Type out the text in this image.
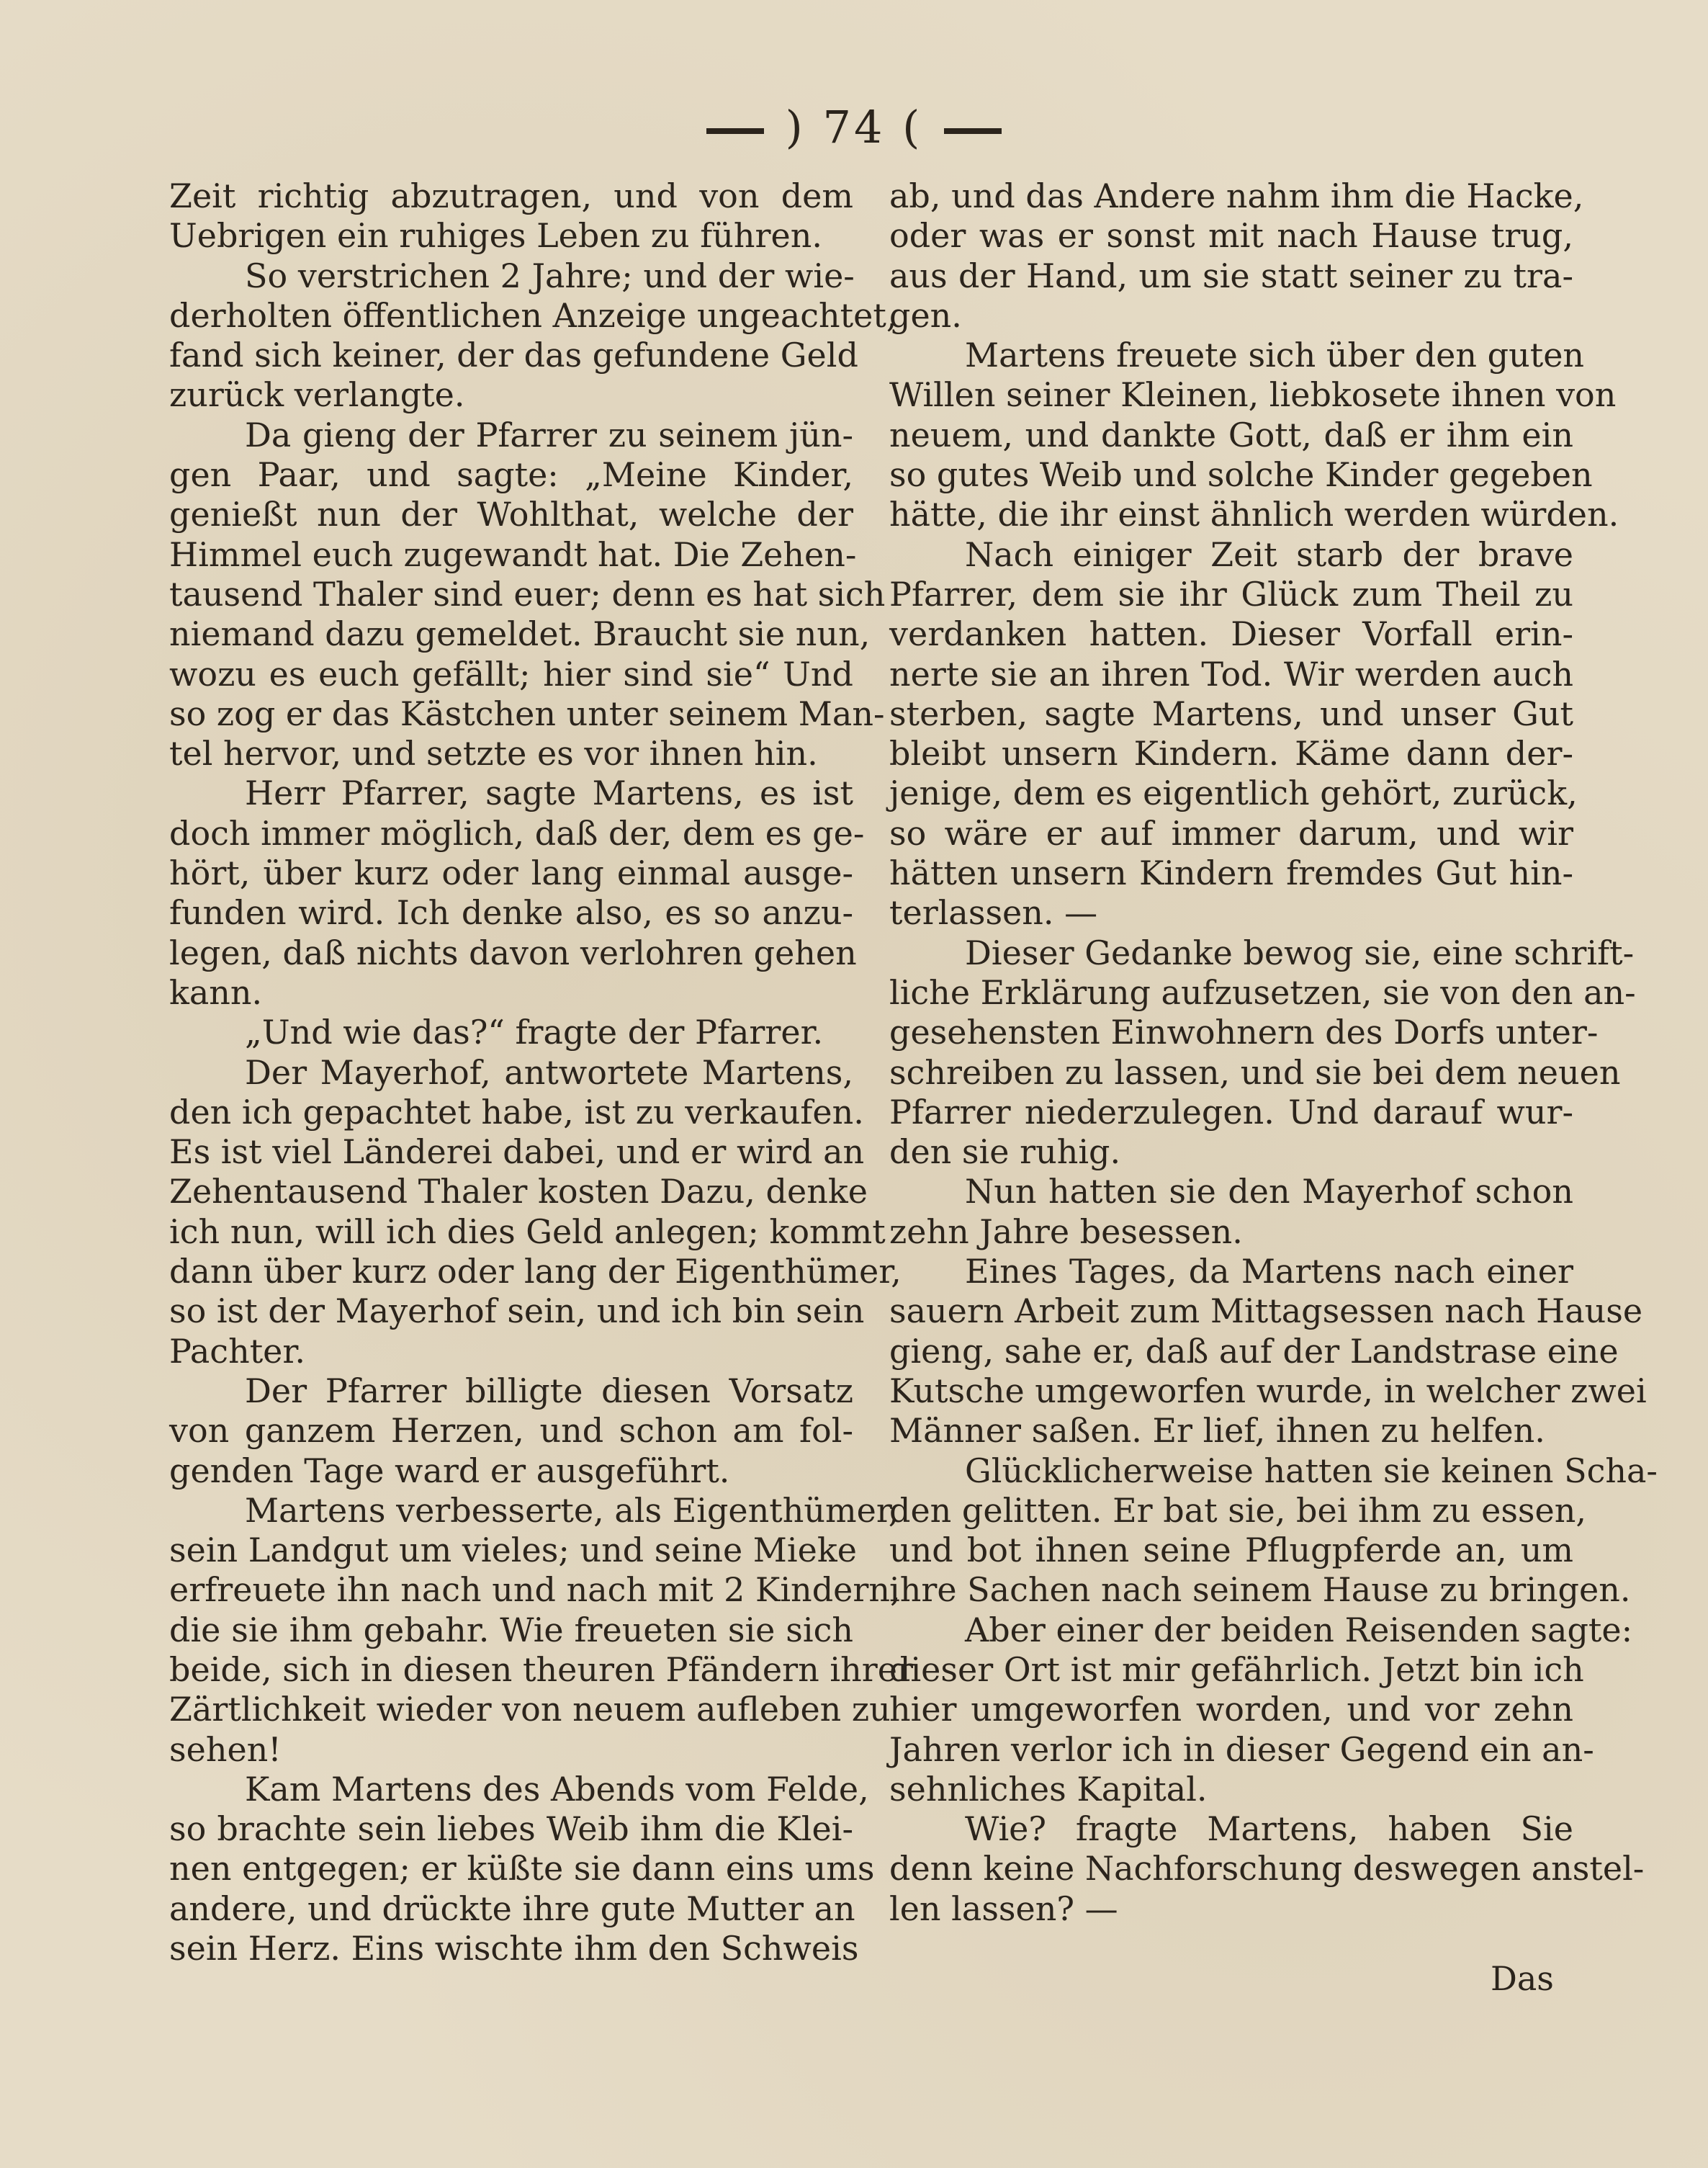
) 74 (
Zeit richtig abzutragen, und von dem
Uebrigen ein ruhiges Leben zu führen.
So verstrichen 2 Jahre; und der wie-
derholten öffentlichen Anzeige ungeachtet,
fand sich keiner, der das gefundene Geld
zurück verlangte.
Da gieng der Pfarrer zu seinem jün-
gen Paar, und sagte: „Meine Kinder,
genießt nun der Wohlthat, welche der
Himmel euch zugewandt hat. Die Zehen-
tausend Thaler sind euer; denn es hat sich
niemand dazu gemeldet. Braucht sie nun,
wozu es euch gefällt; hier sind sie“ Und
so zog er das Kästchen unter seinem Man-
tel hervor, und setzte es vor ihnen hin.
Herr Pfarrer, sagte Martens, es ist
doch immer möglich, daß der, dem es ge-
hört, über kurz oder lang einmal ausge-
funden wird. Ich denke also, es so anzu-
legen, daß nichts davon verlohren gehen
kann.
„Und wie das?“ fragte der Pfarrer.
Der Mayerhof, antwortete Martens,
den ich gepachtet habe, ist zu verkaufen.
Es ist viel Länderei dabei, und er wird an
Zehentausend Thaler kosten Dazu, denke
ich nun, will ich dies Geld anlegen; kommt
dann über kurz oder lang der Eigenthümer,
so ist der Mayerhof sein, und ich bin sein
Pachter.
Der Pfarrer billigte diesen Vorsatz
von ganzem Herzen, und schon am fol-
genden Tage ward er ausgeführt.
Martens verbesserte, als Eigenthümer,
sein Landgut um vieles; und seine Mieke
erfreuete ihn nach und nach mit 2 Kindern,
die sie ihm gebahr. Wie freueten sie sich
beide, sich in diesen theuren Pfändern ihrer
Zärtlichkeit wieder von neuem aufleben zu
sehen!
Kam Martens des Abends vom Felde,
so brachte sein liebes Weib ihm die Klei-
nen entgegen; er küßte sie dann eins ums
andere, und drückte ihre gute Mutter an
sein Herz. Eins wischte ihm den Schweis
ab, und das Andere nahm ihm die Hacke,
oder was er sonst mit nach Hause trug,
aus der Hand, um sie statt seiner zu tra-
gen.
Martens freuete sich über den guten
Willen seiner Kleinen, liebkosete ihnen von
neuem, und dankte Gott, daß er ihm ein
so gutes Weib und solche Kinder gegeben
hätte, die ihr einst ähnlich werden würden.
Nach einiger Zeit starb der brave
Pfarrer, dem sie ihr Glück zum Theil zu
verdanken hatten. Dieser Vorfall erin-
nerte sie an ihren Tod. Wir werden auch
sterben, sagte Martens, und unser Gut
bleibt unsern Kindern. Käme dann der-
jenige, dem es eigentlich gehört, zurück,
so wäre er auf immer darum, und wir
hätten unsern Kindern fremdes Gut hin-
terlassen. —
Dieser Gedanke bewog sie, eine schrift-
liche Erklärung aufzusetzen, sie von den an-
gesehensten Einwohnern des Dorfs unter-
schreiben zu lassen, und sie bei dem neuen
Pfarrer niederzulegen. Und darauf wur-
den sie ruhig.
Nun hatten sie den Mayerhof schon
zehn Jahre besessen.
Eines Tages, da Martens nach einer
sauern Arbeit zum Mittagsessen nach Hause
gieng, sahe er, daß auf der Landstrase eine
Kutsche umgeworfen wurde, in welcher zwei
Männer saßen. Er lief, ihnen zu helfen.
Glücklicherweise hatten sie keinen Scha-
den gelitten. Er bat sie, bei ihm zu essen,
und bot ihnen seine Pflugpferde an, um
ihre Sachen nach seinem Hause zu bringen.
Aber einer der beiden Reisenden sagte:
dieser Ort ist mir gefährlich. Jetzt bin ich
hier umgeworfen worden, und vor zehn
Jahren verlor ich in dieser Gegend ein an-
sehnliches Kapital.
Wie? fragte Martens, haben Sie
denn keine Nachforschung deswegen anstel-
len lassen? —
Das
